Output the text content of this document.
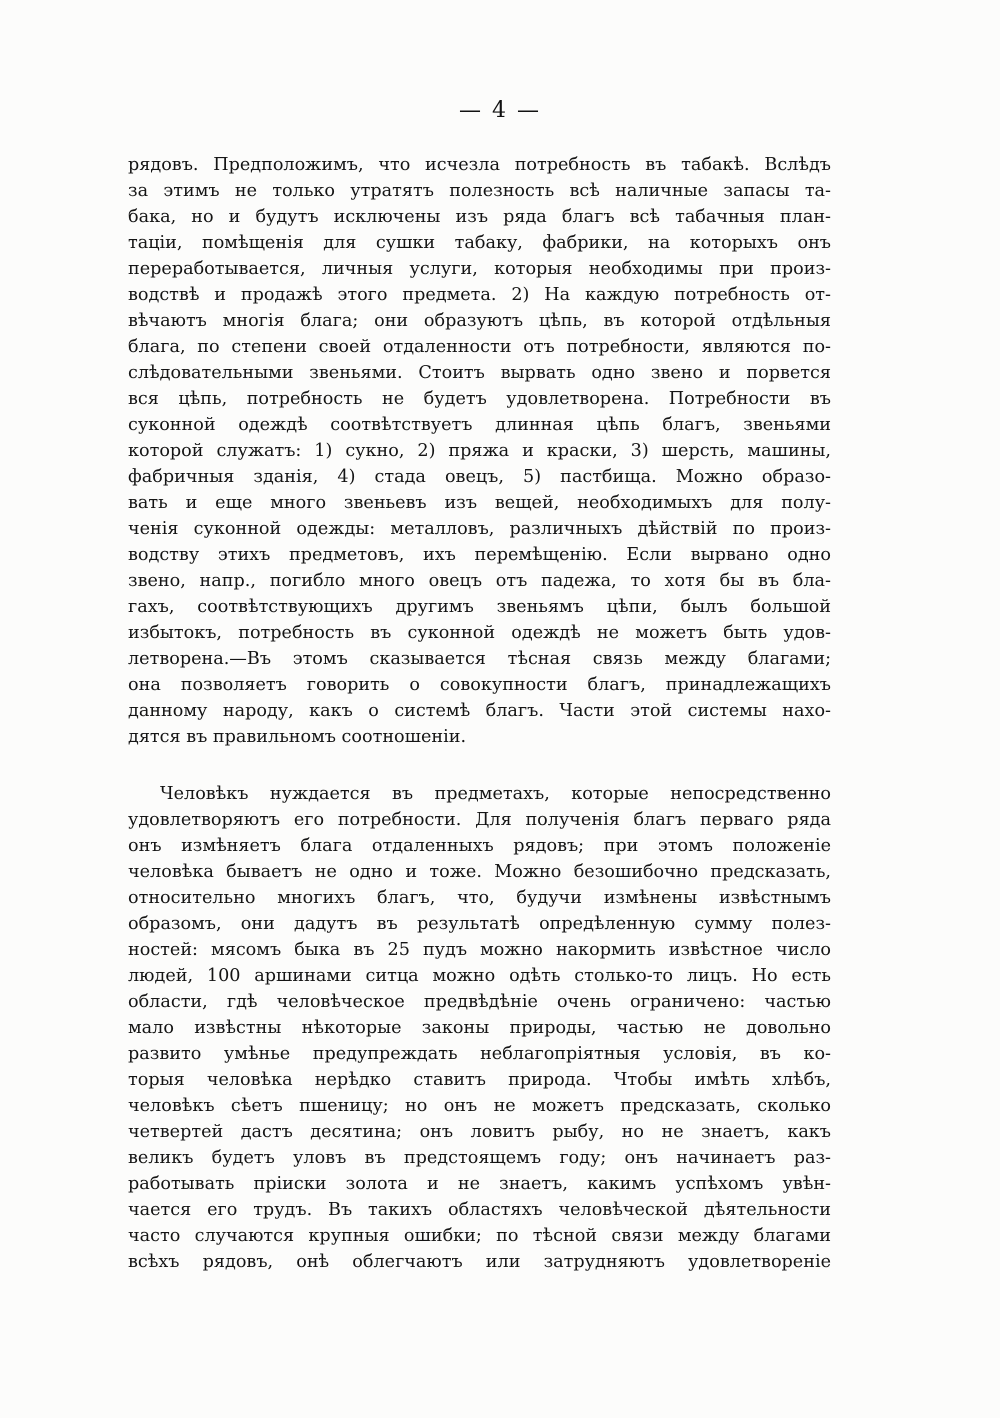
— 4 —
рядовъ. Предположимъ, что исчезла потребность въ табакѣ. Вслѣдъ
за этимъ не только утратятъ полезность всѣ наличные запасы та-
бака, но и будутъ исключены изъ ряда благъ всѣ табачныя план-
таціи, помѣщенія для сушки табаку, фабрики, на которыхъ онъ
переработывается, личныя услуги, которыя необходимы при произ-
водствѣ и продажѣ этого предмета. 2) На каждую потребность от-
вѣчаютъ многія блага; они образуютъ цѣпь, въ которой отдѣльныя
блага, по степени своей отдаленности отъ потребности, являются по-
слѣдовательными звеньями. Стоитъ вырвать одно звено и порвется
вся цѣпь, потребность не будетъ удовлетворена. Потребности въ
суконной одеждѣ соотвѣтствуетъ длинная цѣпь благъ, звеньями
которой служатъ: 1) сукно, 2) пряжа и краски, 3) шерсть, машины,
фабричныя зданія, 4) стада овецъ, 5) пастбища. Можно образо-
вать и еще много звеньевъ изъ вещей, необходимыхъ для полу-
ченія суконной одежды: металловъ, различныхъ дѣйствій по произ-
водству этихъ предметовъ, ихъ перемѣщенію. Если вырвано одно
звено, напр., погибло много овецъ отъ падежа, то хотя бы въ бла-
гахъ, соотвѣтствующихъ другимъ звеньямъ цѣпи, былъ большой
избытокъ, потребность въ суконной одеждѣ не можетъ быть удов-
летворена.—Въ этомъ сказывается тѣсная связь между благами;
она позволяетъ говорить о совокупности благъ, принадлежащихъ
данному народу, какъ о системѣ благъ. Части этой системы нахо-
дятся въ правильномъ соотношеніи.
Человѣкъ нуждается въ предметахъ, которые непосредственно
удовлетворяютъ его потребности. Для полученія благъ перваго ряда
онъ измѣняетъ блага отдаленныхъ рядовъ; при этомъ положеніе
человѣка бываетъ не одно и тоже. Можно безошибочно предсказать,
относительно многихъ благъ, что, будучи измѣнены извѣстнымъ
образомъ, они дадутъ въ результатѣ опредѣленную сумму полез-
ностей: мясомъ быка въ 25 пудъ можно накормить извѣстное число
людей, 100 аршинами ситца можно одѣть столько-то лицъ. Но есть
области, гдѣ человѣческое предвѣдѣніе очень ограничено: частью
мало извѣстны нѣкоторые законы природы, частью не довольно
развито умѣнье предупреждать неблагопріятныя условія, въ ко-
торыя человѣка нерѣдко ставитъ природа. Чтобы имѣть хлѣбъ,
человѣкъ сѣетъ пшеницу; но онъ не можетъ предсказать, сколько
четвертей дастъ десятина; онъ ловитъ рыбу, но не знаетъ, какъ
великъ будетъ уловъ въ предстоящемъ году; онъ начинаетъ раз-
работывать пріиски золота и не знаетъ, какимъ успѣхомъ увѣн-
чается его трудъ. Въ такихъ областяхъ человѣческой дѣятельности
часто случаются крупныя ошибки; по тѣсной связи между благами
всѣхъ рядовъ, онѣ облегчаютъ или затрудняютъ удовлетвореніе
